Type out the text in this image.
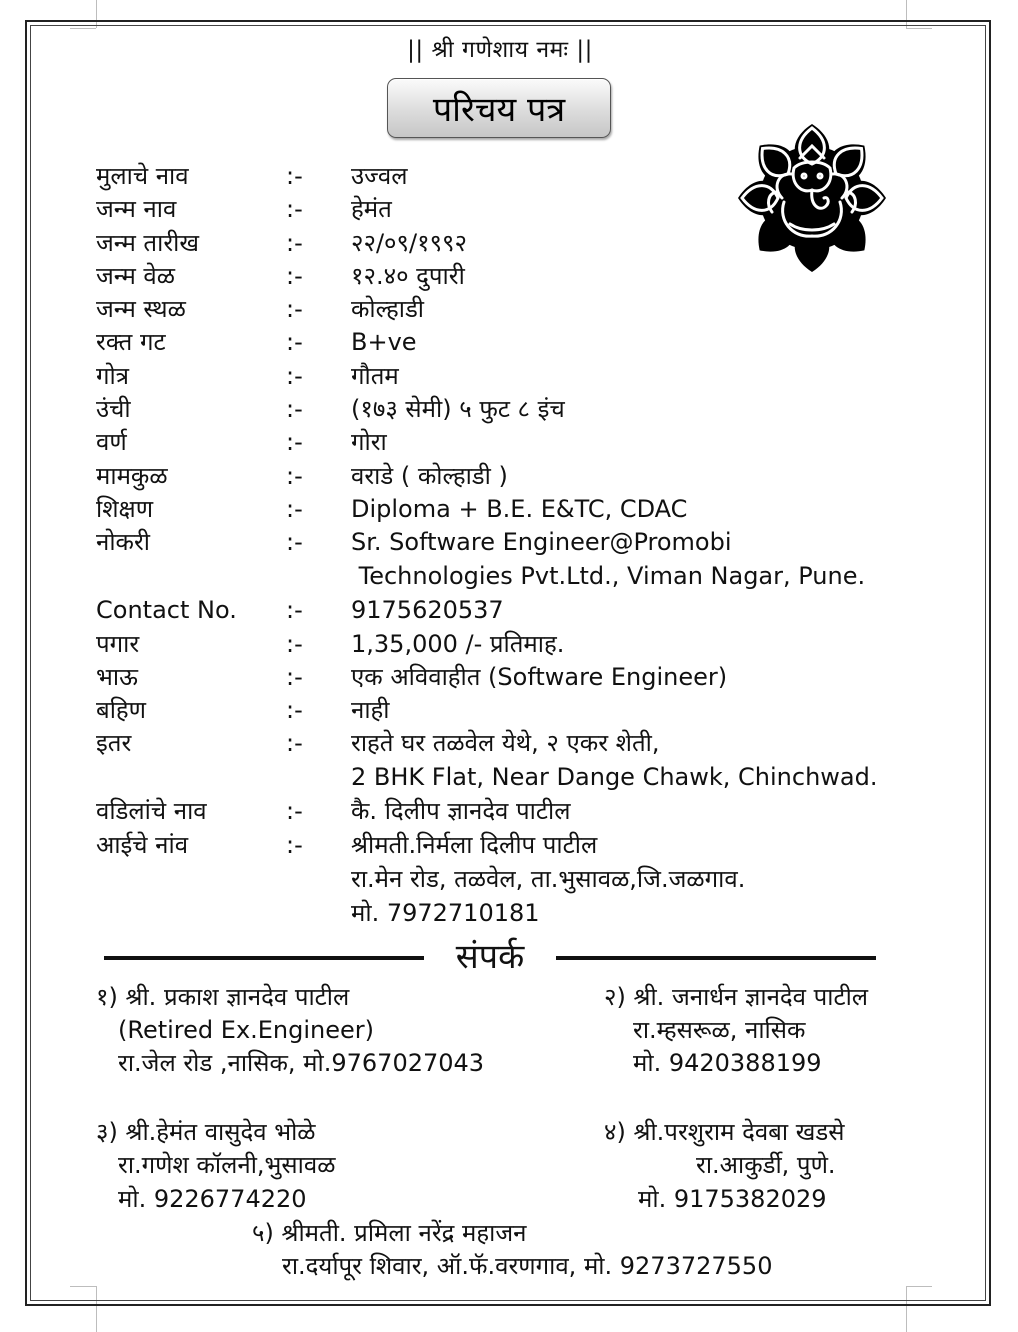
|| श्री गणेशाय नमः ||
परिचय पत्र
मुलाचे नाव	:- उज्वल
जन्म नाव	:- हेमंत
जन्म तारीख	:- २२/०९/१९९२
जन्म वेळ	:- १२.४० दुपारी
जन्म स्थळ	:- कोल्हाडी
रक्त गट	:- B+ve
गोत्र	:- गौतम
उंची	:- (१७३ सेमी) ५ फुट ८ इंच
वर्ण	:- गोरा
मामकुळ	:- वराडे ( कोल्हाडी )
शिक्षण	:- Diploma + B.E. E&TC, CDAC
नोकरी	:- Sr. Software Engineer@Promobi
Technologies Pvt.Ltd., Viman Nagar, Pune.
Contact No. :- 9175620537
पगार	:- 1,35,000 /- प्रतिमाह.
भाऊ	:- एक अविवाहीत (Software Engineer)
बहिण	:- नाही
इतर	:- राहते घर तळवेल येथे, २ एकर शेती,
2 BHK Flat, Near Dange Chawk, Chinchwad.
वडिलांचे नाव	:- कै. दिलीप ज्ञानदेव पाटील
आईचे नांव	:- श्रीमती.निर्मला दिलीप पाटील
रा.मेन रोड, तळवेल, ता.भुसावळ,जि.जळगाव.
मो. 7972710181
संपर्क
१) श्री. प्रकाश ज्ञानदेव पाटील
(Retired Ex.Engineer)
रा.जेल रोड ,नासिक, मो.9767027043
२) श्री. जनार्धन ज्ञानदेव पाटील
रा.म्हसरूळ, नासिक
मो. 9420388199
३) श्री.हेमंत वासुदेव भोळे
रा.गणेश कॉलनी,भुसावळ
मो. 9226774220
४) श्री.परशुराम देवबा खडसे
रा.आकुर्डी, पुणे.
मो. 9175382029
५) श्रीमती. प्रमिला नरेंद्र महाजन
रा.दर्यापूर शिवार, ऑ.फॅ.वरणगाव, मो. 9273727550
